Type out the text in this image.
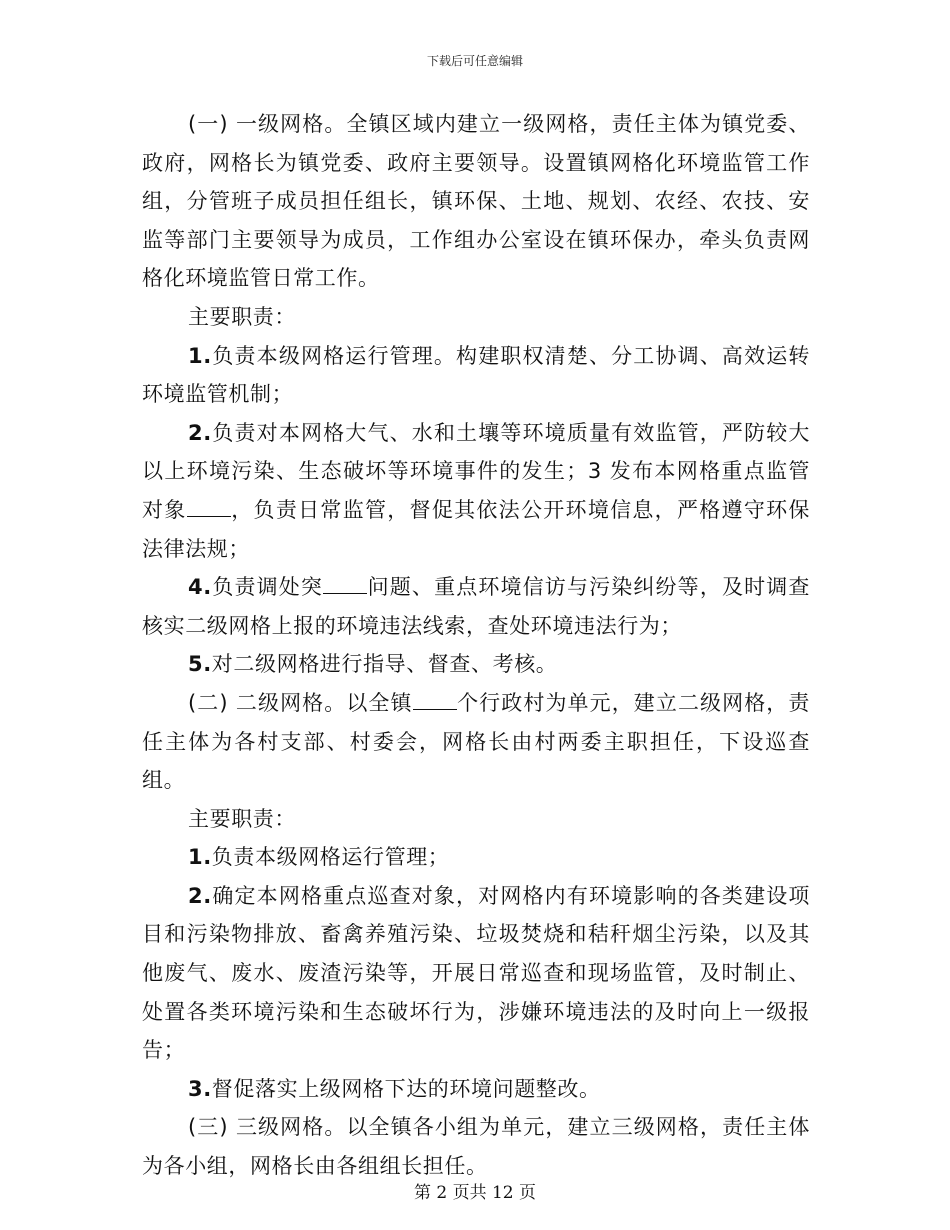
下载后可任意编辑

(一) 一级网格。全镇区域内建立一级网格，责任主体为镇党委、政府，网格长为镇党委、政府主要领导。设置镇网格化环境监管工作组，分管班子成员担任组长，镇环保、土地、规划、农经、农技、安监等部门主要领导为成员，工作组办公室设在镇环保办，牵头负责网格化环境监管日常工作。

主要职责：

1.负责本级网格运行管理。构建职权清楚、分工协调、高效运转环境监管机制；

2.负责对本网格大气、水和土壤等环境质量有效监管，严防较大以上环境污染、生态破坏等环境事件的发生；3 发布本网格重点监管对象 ，负责日常监管，督促其依法公开环境信息，严格遵守环保法律法规；

4.负责调处突 问题、重点环境信访与污染纠纷等，及时调查核实二级网格上报的环境违法线索，查处环境违法行为；

5.对二级网格进行指导、督查、考核。

(二) 二级网格。以全镇 个行政村为单元，建立二级网格，责任主体为各村支部、村委会，网格长由村两委主职担任，下设巡查组。

主要职责：

1.负责本级网格运行管理；

2.确定本网格重点巡查对象，对网格内有环境影响的各类建设项目和污染物排放、畜禽养殖污染、垃圾焚烧和秸秆烟尘污染，以及其他废气、废水、废渣污染等，开展日常巡查和现场监管，及时制止、处置各类环境污染和生态破坏行为，涉嫌环境违法的及时向上一级报告；

3.督促落实上级网格下达的环境问题整改。

(三) 三级网格。以全镇各小组为单元，建立三级网格，责任主体为各小组，网格长由各组组长担任。

第 2 页共 12 页
